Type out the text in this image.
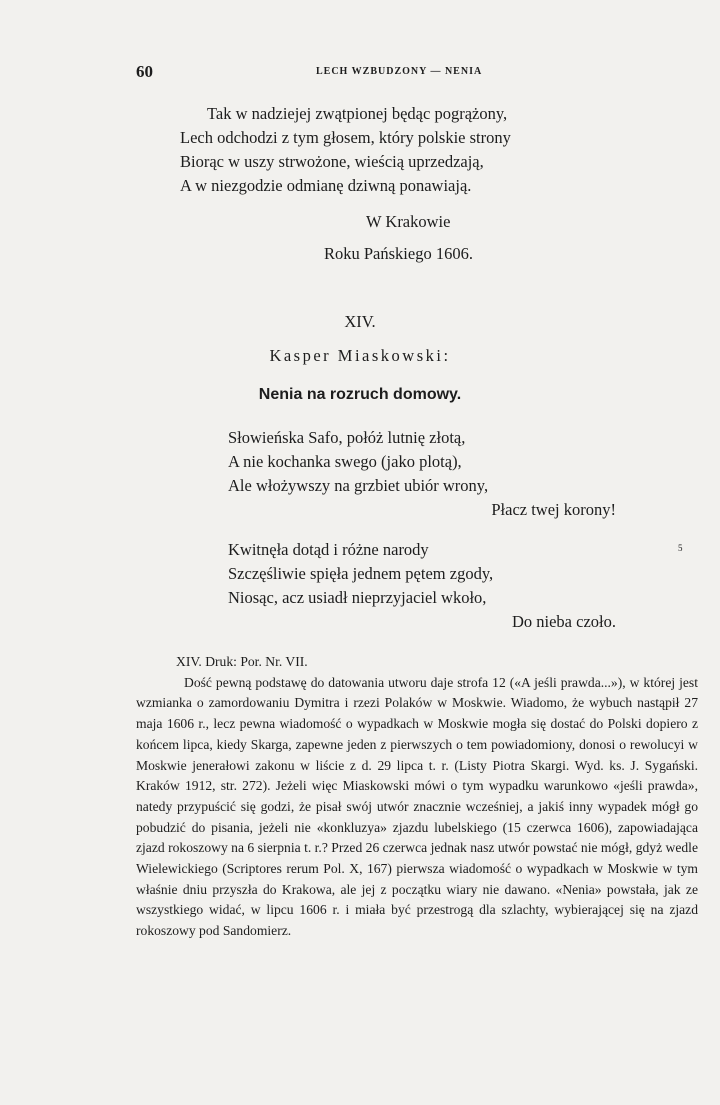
60	LECH WZBUDZONY — NENIA
Tak w nadziejej zwątpionej będąc pogrążony,
Lech odchodzi z tym głosem, który polskie strony
Biorąc w uszy strwożone, wieścią uprzedzają,
A w niezgodzie odmianę dziwną ponawiają.
W Krakowie
Roku Pańskiego 1606.
XIV.
Kasper Miaskowski:
Nenia na rozruch domowy.
Słowieńska Safo, połóż lutnię złotą,
A nie kochanka swego (jako plotą),
Ale włożywszy na grzbiet ubiór wrony,
Płacz twej korony!
5
Kwitnęła dotąd i różne narody
Szczęśliwie spięła jednem pętem zgody,
Niosąc, acz usiadł nieprzyjaciel wkoło,
Do nieba czoło.

XIV. Druk: Por. Nr. VII.

Dość pewną podstawę do datowania utworu daje strofa 12 («A jeśli prawda...»), w której jest wzmianka o zamordowaniu Dymitra i rzezi Polaków w Moskwie. Wiadomo, że wybuch nastąpił 27 maja 1606 r., lecz pewna wiadomość o wypadkach w Moskwie mogła się dostać do Polski dopiero z końcem lipca, kiedy Skarga, zapewne jeden z pierwszych o tem powiadomiony, donosi o rewolucyi w Moskwie jenerałowi zakonu w liście z d. 29 lipca t. r. (Listy Piotra Skargi. Wyd. ks. J. Sygański. Kraków 1912, str. 272). Jeżeli więc Miaskowski mówi o tym wypadku warunkowo «jeśli prawda», natedy przypuścić się godzi, że pisał swój utwór znacznie wcześniej, a jakiś inny wypadek mógł go pobudzić do pisania, jeżeli nie «konkluzya» zjazdu lubelskiego (15 czerwca 1606), zapowiadająca zjazd rokoszowy na 6 sierpnia t. r.? Przed 26 czerwca jednak nasz utwór powstać nie mógł, gdyż wedle Wielewickiego (Scriptores rerum Pol. X, 167) pierwsza wiadomość o wypadkach w Moskwie w tym właśnie dniu przyszła do Krakowa, ale jej z początku wiary nie dawano. «Nenia» powstała, jak ze wszystkiego widać, w lipcu 1606 r. i miała być przestrogą dla szlachty, wybierającej się na zjazd rokoszowy pod Sandomierz.
